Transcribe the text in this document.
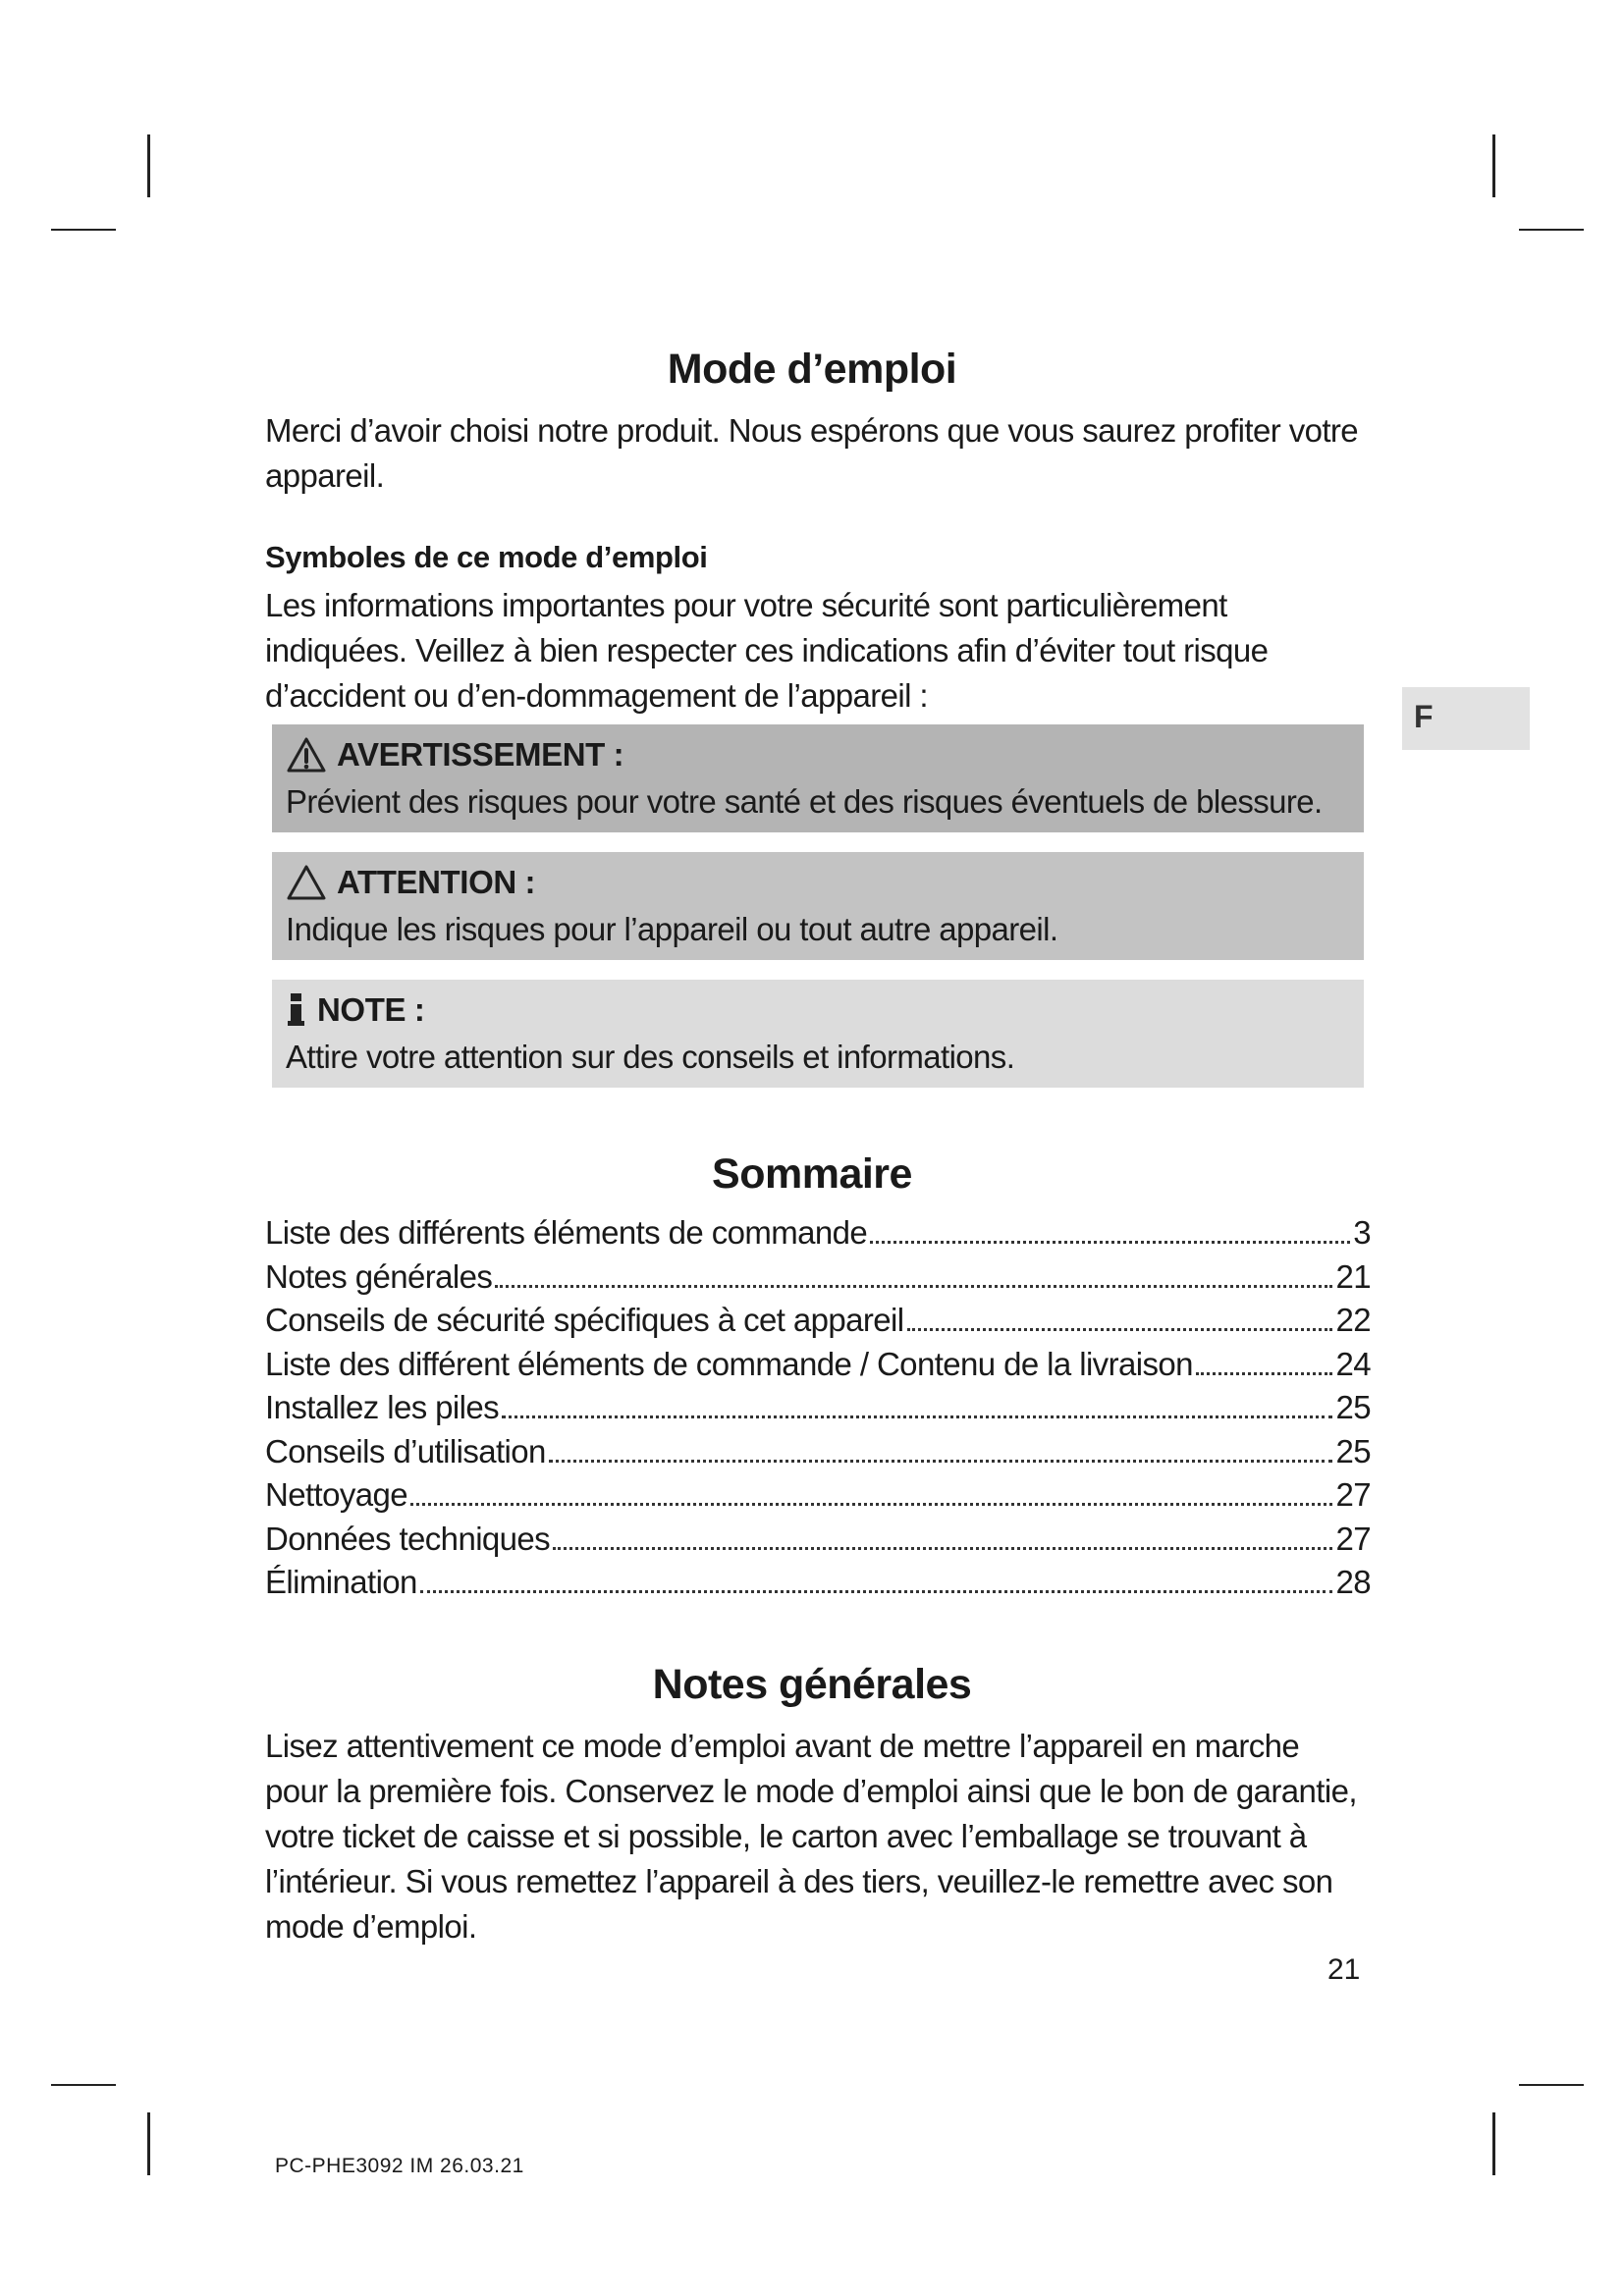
F
Mode d’emploi
Merci d’avoir choisi notre produit. Nous espérons que vous saurez profiter votre appareil.
Symboles de ce mode d’emploi
Les informations importantes pour votre sécurité sont particulièrement indiquées. Veillez à bien respecter ces indications afin d’éviter tout risque d’accident ou d’en-dommagement de l’appareil :
AVERTISSEMENT :
Prévient des risques pour votre santé et des risques éventuels de blessure.
ATTENTION :
Indique les risques pour l’appareil ou tout autre appareil.
NOTE :
Attire votre attention sur des conseils et informations.
Sommaire
Liste des différents éléments de commande	3
Notes générales	21
Conseils de sécurité spécifiques à cet appareil	22
Liste des différent éléments de commande / Contenu de la livraison	24
Installez les piles	25
Conseils d’utilisation	25
Nettoyage	27
Données techniques	27
Élimination	28
Notes générales
Lisez attentivement ce mode d’emploi avant de mettre l’appareil en marche pour la première fois. Conservez le mode d’emploi ainsi que le bon de garantie, votre ticket de caisse et si possible, le carton avec l’emballage se trouvant à l’intérieur. Si vous remettez l’appareil à des tiers, veuillez-le remettre avec son mode d’emploi.
21
PC-PHE3092 IM 26.03.21
